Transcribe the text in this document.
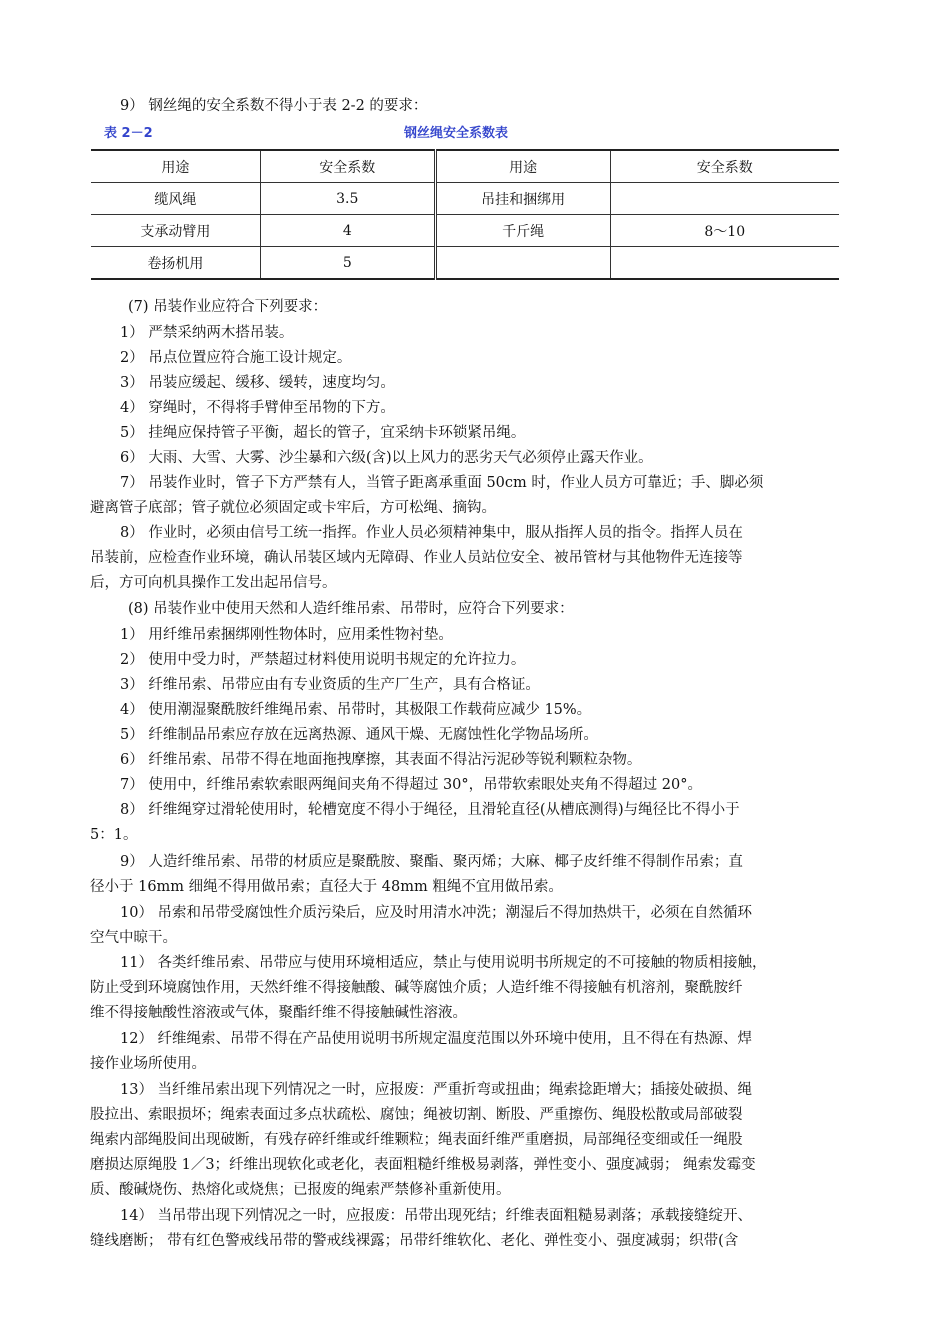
9） 钢丝绳的安全系数不得小于表 2-2 的要求：
表 2－2	钢丝绳安全系数表
用途	安全系数	用途	安全系数
缆风绳	3.5	吊挂和捆绑用	
支承动臂用	4	千斤绳	8～10
卷扬机用	5		
(7) 吊装作业应符合下列要求：
1） 严禁采纳两木搭吊装。
2） 吊点位置应符合施工设计规定。
3） 吊装应缓起、缓移、缓转，速度均匀。
4） 穿绳时，不得将手臂伸至吊物的下方。
5） 挂绳应保持管子平衡，超长的管子，宜采纳卡环锁紧吊绳。
6） 大雨、大雪、大雾、沙尘暴和六级(含)以上风力的恶劣天气必须停止露天作业。
7） 吊装作业时，管子下方严禁有人，当管子距离承重面 50cm 时，作业人员方可靠近；手、脚必须
避离管子底部；管子就位必须固定或卡牢后，方可松绳、摘钩。
8） 作业时，必须由信号工统一指挥。作业人员必须精神集中，服从指挥人员的指令。指挥人员在
吊装前，应检查作业环境，确认吊装区域内无障碍、作业人员站位安全、被吊管材与其他物件无连接等
后，方可向机具操作工发出起吊信号。
(8) 吊装作业中使用天然和人造纤维吊索、吊带时，应符合下列要求：
1） 用纤维吊索捆绑刚性物体时，应用柔性物衬垫。
2） 使用中受力时，严禁超过材料使用说明书规定的允许拉力。
3） 纤维吊索、吊带应由有专业资质的生产厂生产，具有合格证。
4） 使用潮湿聚酰胺纤维绳吊索、吊带时，其极限工作载荷应减少 15%。
5） 纤维制品吊索应存放在远离热源、通风干燥、无腐蚀性化学物品场所。
6） 纤维吊索、吊带不得在地面拖拽摩擦，其表面不得沾污泥砂等锐利颗粒杂物。
7） 使用中，纤维吊索软索眼两绳间夹角不得超过 30°，吊带软索眼处夹角不得超过 20°。
8） 纤维绳穿过滑轮使用时，轮槽宽度不得小于绳径，且滑轮直径(从槽底测得)与绳径比不得小于
5：1。
9） 人造纤维吊索、吊带的材质应是聚酰胺、聚酯、聚丙烯；大麻、椰子皮纤维不得制作吊索；直
径小于 16mm 细绳不得用做吊索；直径大于 48mm 粗绳不宜用做吊索。
10） 吊索和吊带受腐蚀性介质污染后，应及时用清水冲洗；潮湿后不得加热烘干，必须在自然循环
空气中晾干。
11） 各类纤维吊索、吊带应与使用环境相适应，禁止与使用说明书所规定的不可接触的物质相接触，
防止受到环境腐蚀作用，天然纤维不得接触酸、碱等腐蚀介质；人造纤维不得接触有机溶剂，聚酰胺纤
维不得接触酸性溶液或气体，聚酯纤维不得接触碱性溶液。
12） 纤维绳索、吊带不得在产品使用说明书所规定温度范围以外环境中使用，且不得在有热源、焊
接作业场所使用。
13） 当纤维吊索出现下列情况之一时，应报废：严重折弯或扭曲；绳索捻距增大；插接处破损、绳
股拉出、索眼损坏；绳索表面过多点状疏松、腐蚀；绳被切割、断股、严重擦伤、绳股松散或局部破裂
绳索内部绳股间出现破断，有残存碎纤维或纤维颗粒；绳表面纤维严重磨损，局部绳径变细或任一绳股
磨损达原绳股 1／3；纤维出现软化或老化，表面粗糙纤维极易剥落，弹性变小、强度减弱； 绳索发霉变
质、酸碱烧伤、热熔化或烧焦；已报废的绳索严禁修补重新使用。
14） 当吊带出现下列情况之一时，应报废：吊带出现死结；纤维表面粗糙易剥落；承载接缝绽开、
缝线磨断； 带有红色警戒线吊带的警戒线裸露；吊带纤维软化、老化、弹性变小、强度减弱；织带(含
